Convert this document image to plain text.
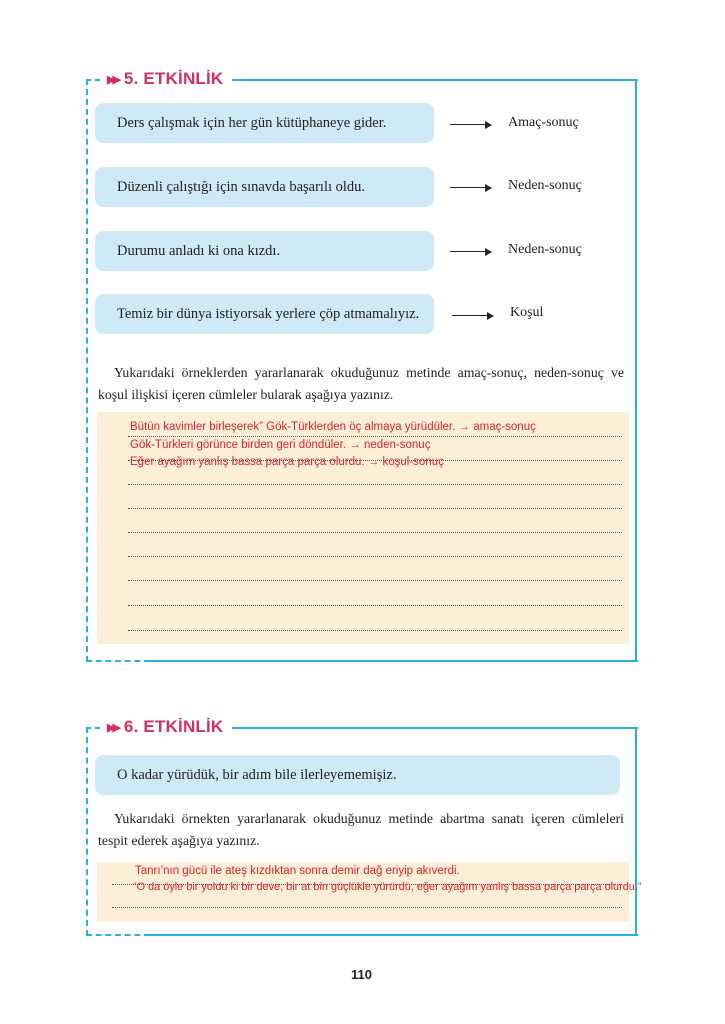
▶▶ 5. ETKİNLİK
Ders çalışmak için her gün kütüphaneye gider.	Amaç-sonuç
Düzenli çalıştığı için sınavda başarılı oldu.	Neden-sonuç
Durumu anladı ki ona kızdı.	Neden-sonuç
Temiz bir dünya istiyorsak yerlere çöp atmamalıyız.	Koşul
Yukarıdaki örneklerden yararlanarak okuduğunuz metinde amaç-sonuç, neden-sonuç ve koşul ilişkisi içeren cümleler bularak aşağıya yazınız.
Bütün kavimler birleşerek” Gök-Türklerden öç almaya yürüdüler. → amaç-sonuç
Gök-Türkleri görünce birden geri döndüler. → neden-sonuç
Eğer ayağım yanlış bassa parça parça olurdu. → koşul-sonuç
▶▶ 6. ETKİNLİK
O kadar yürüdük, bir adım bile ilerleyememişiz.
Yukarıdaki örnekten yararlanarak okuduğunuz metinde abartma sanatı içeren cümleleri tespit ederek aşağıya yazınız.
Tanrı’nın gücü ile ateş kızdıktan sonra demir dağ eriyip akıverdi.
“O da öyle bir yoldu ki bir deve, bir at bin güçlükle yürürdü, eğer ayağım yanlış bassa parça parça olurdu.”
110
